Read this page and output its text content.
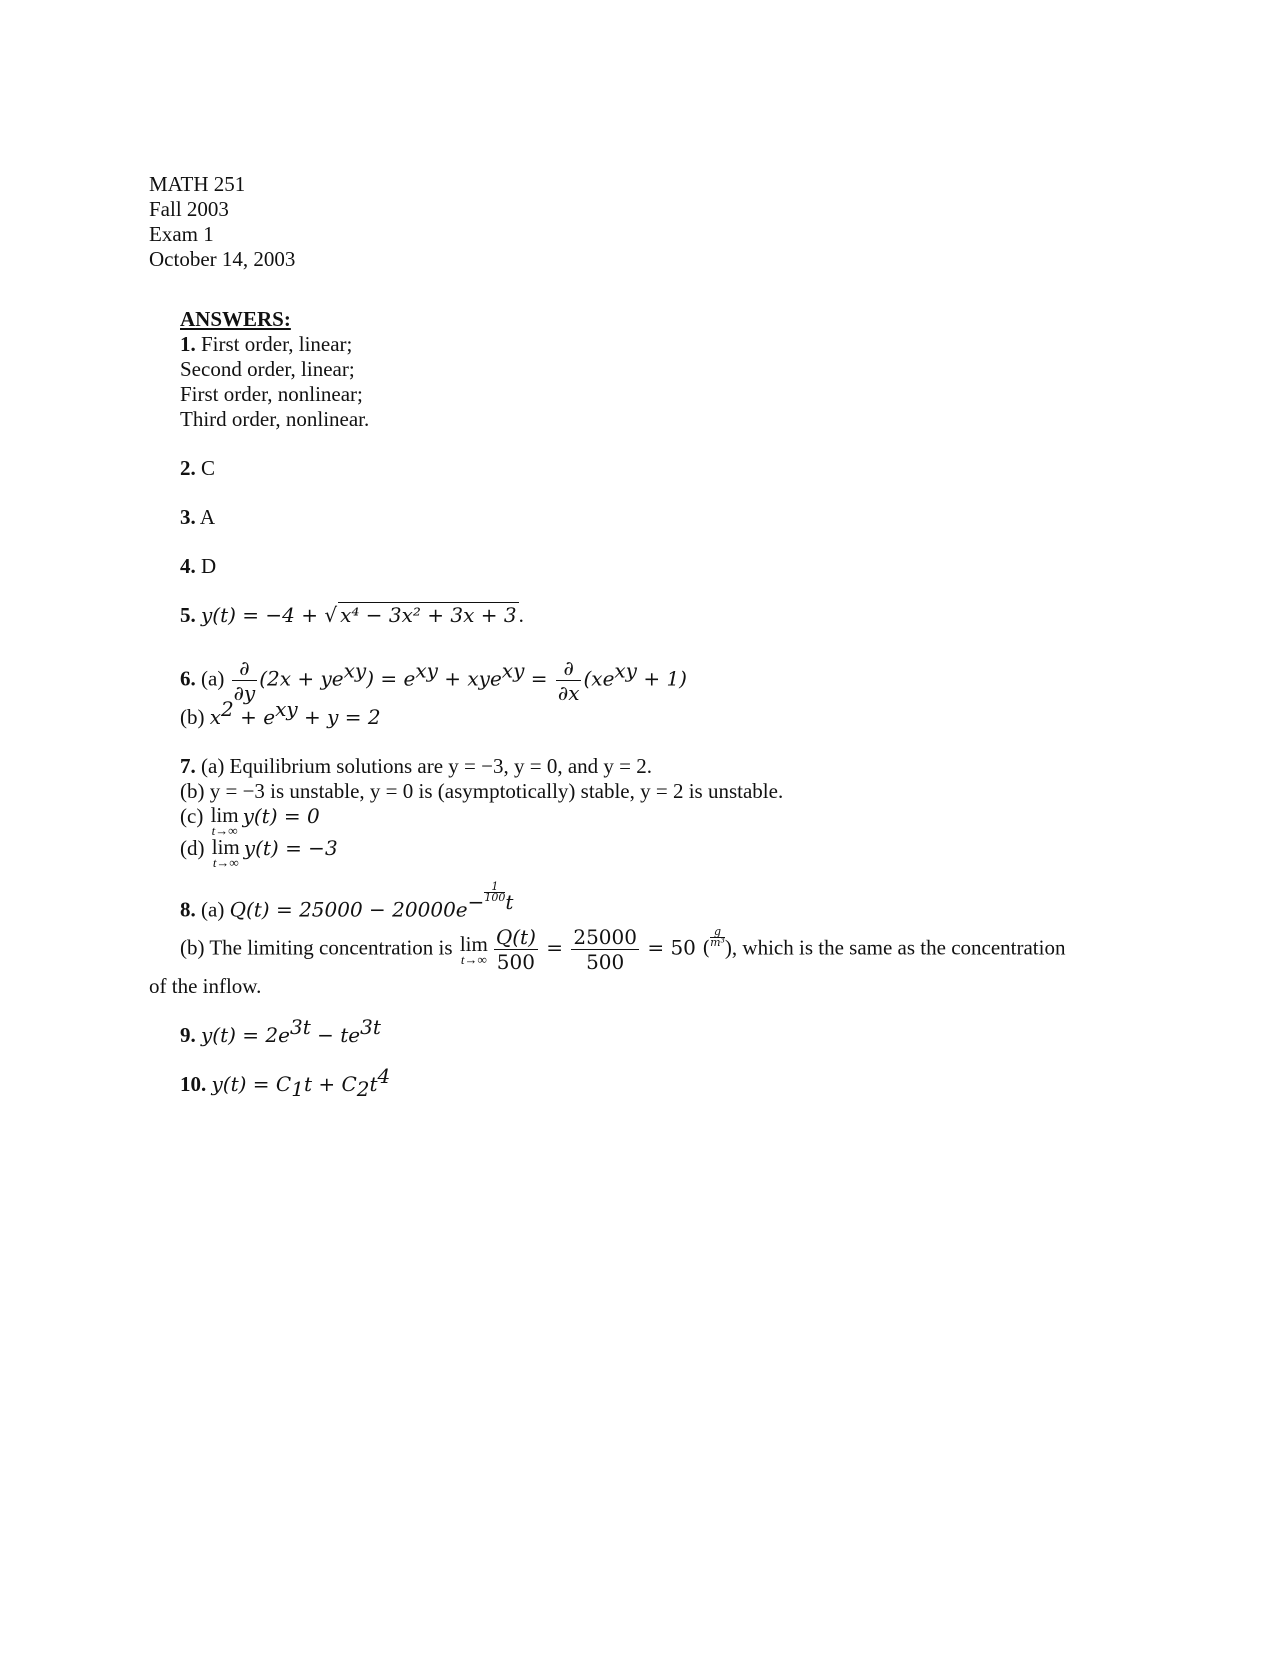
MATH 251
Fall 2003
Exam 1
October 14, 2003
ANSWERS:
1. First order, linear;
Second order, linear;
First order, nonlinear;
Third order, nonlinear.
2. C
3. A
4. D
5. y(t) = −4 + √ x⁴ − 3x² + 3x + 3.
6. $(a) \frac{\partial}{\partial y} (2x + ye^{xy}) = e^{xy} + xye^{xy} = \frac{\partial}{\partial x} (xe^{xy} + 1)$
(b) $x^2 + e^{xy} + y = 2$
7. (a) Equilibrium solutions are y = −3, y = 0, and y = 2.
(b) y = −3 is unstable, y = 0 is (asymptotically) stable, y = 2 is unstable.
(c) lim
t→∞
y(t) = 0
(d) lim
t→∞
y(t) = −3
8. (a) $Q(t) = 25000 - 20000e^{- \frac{1}{100} t}$
(b) The limiting concentration is lim
$t\to\infty \frac{Q(t)}{500} = \frac{25000}{500} = 50$ ( $\frac{g}{\text{m³}}$ ), which is the same as the concentration
of the inflow.
9. $y(t) = 2e^{3t} - te^{3t}$
10. $y(t) = C_1t + C_2t^4$
